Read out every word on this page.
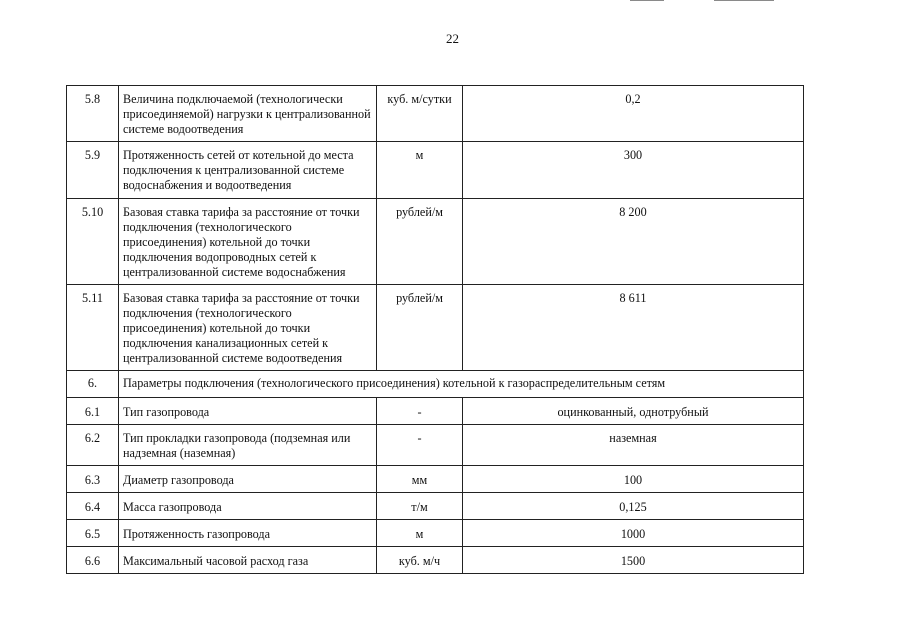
22
5.8	Величина подключаемой (технологически присоединяемой) нагрузки к централизованной системе водоотведения	куб. м/сутки	0,2
5.9	Протяженность сетей от котельной до места подключения к централизованной системе водоснабжения и водоотведения	м	300
5.10	Базовая ставка тарифа за расстояние от точки подключения (технологического присоединения) котельной до точки подключения водопроводных сетей к централизованной системе водоснабжения	рублей/м	8 200
5.11	Базовая ставка тарифа за расстояние от точки подключения (технологического присоединения) котельной до точки подключения канализационных сетей к централизованной системе водоотведения	рублей/м	8 611
6.	Параметры подключения (технологического присоединения) котельной к газораспределительным сетям		
6.1	Тип газопровода	-	оцинкованный, однотрубный
6.2	Тип прокладки газопровода (подземная или надземная (наземная)	-	наземная
6.3	Диаметр газопровода	мм	100
6.4	Масса газопровода	т/м	0,125
6.5	Протяженность газопровода	м	1000
6.6	Максимальный часовой расход газа	куб. м/ч	1500
